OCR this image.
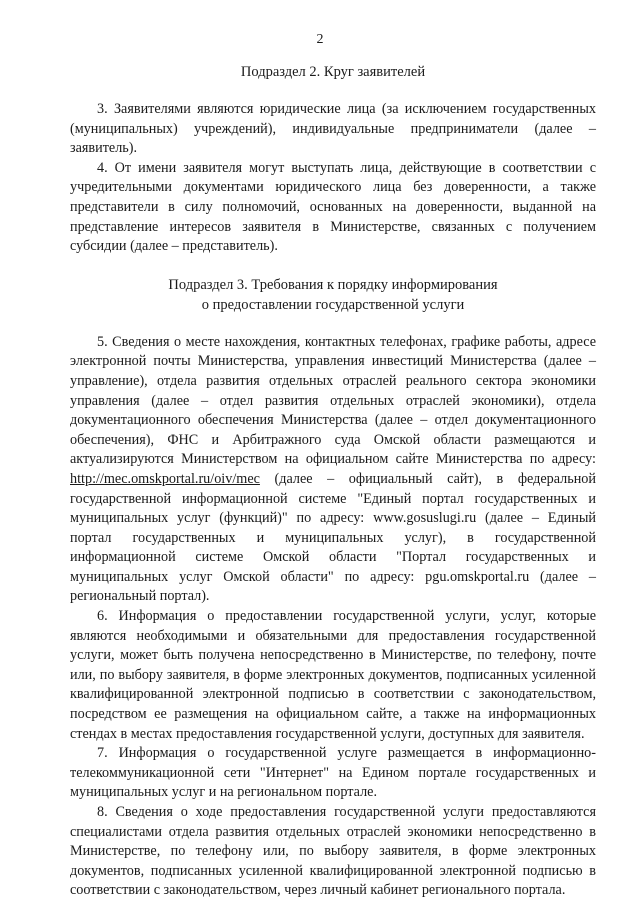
2

Подраздел 2. Круг заявителей

3. Заявителями являются юридические лица (за исключением государственных (муниципальных) учреждений), индивидуальные предприниматели (далее – заявитель).

4. От имени заявителя могут выступать лица, действующие в соответствии с учредительными документами юридического лица без доверенности, а также представители в силу полномочий, основанных на доверенности, выданной на представление интересов заявителя в Министерстве, связанных с получением субсидии (далее – представитель).

Подраздел 3. Требования к порядку информирования
о предоставлении государственной услуги

5. Сведения о месте нахождения, контактных телефонах, графике работы, адресе электронной почты Министерства, управления инвестиций Министерства (далее – управление), отдела развития отдельных отраслей реального сектора экономики управления (далее – отдел развития отдельных отраслей экономики), отдела документационного обеспечения Министерства (далее – отдел документационного обеспечения), ФНС и Арбитражного суда Омской области размещаются и актуализируются Министерством на официальном сайте Министерства по адресу: http://mec.omskportal.ru/oiv/mec (далее – официальный сайт), в федеральной государственной информационной системе "Единый портал государственных и муниципальных услуг (функций)" по адресу: www.gosuslugi.ru (далее – Единый портал государственных и муниципальных услуг), в государственной информационной системе Омской области "Портал государственных и муниципальных услуг Омской области" по адресу: pgu.omskportal.ru (далее – региональный портал).

6. Информация о предоставлении государственной услуги, услуг, которые являются необходимыми и обязательными для предоставления государственной услуги, может быть получена непосредственно в Министерстве, по телефону, почте или, по выбору заявителя, в форме электронных документов, подписанных усиленной квалифицированной электронной подписью в соответствии с законодательством, посредством ее размещения на официальном сайте, а также на информационных стендах в местах предоставления государственной услуги, доступных для заявителя.

7. Информация о государственной услуге размещается в информационно-телекоммуникационной сети "Интернет" на Едином портале государственных и муниципальных услуг и на региональном портале.

8. Сведения о ходе предоставления государственной услуги предоставляются специалистами отдела развития отдельных отраслей экономики непосредственно в Министерстве, по телефону или, по выбору заявителя, в форме электронных документов, подписанных усиленной квалифицированной электронной подписью в соответствии с законодательством, через личный кабинет регионального портала.
